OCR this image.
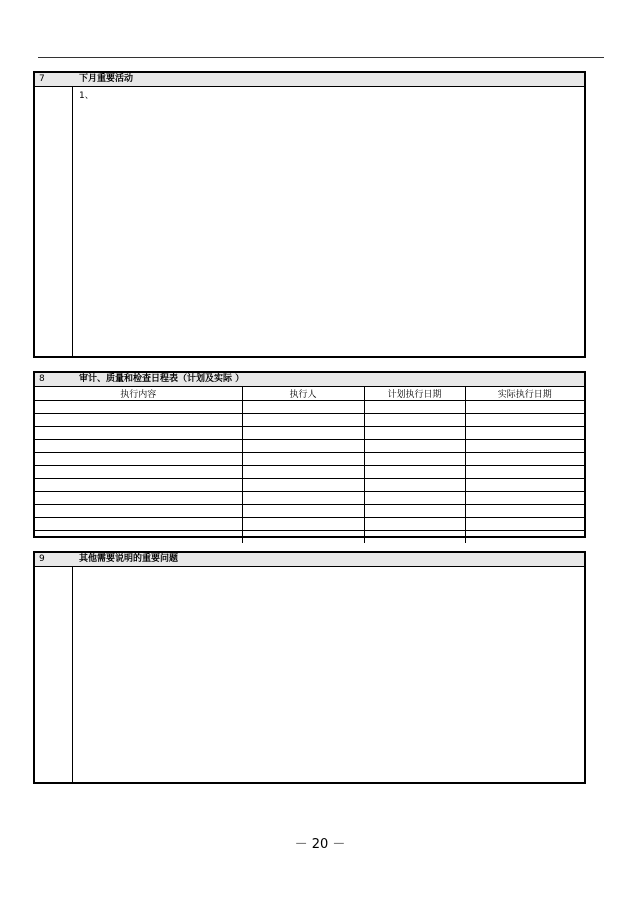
7	下月重要活动
1、
8	审计、质量和检查日程表（计划及实际 ）
执行内容	执行人	计划执行日期	实际执行日期

9	其他需要说明的重要问题
－ 20 －
